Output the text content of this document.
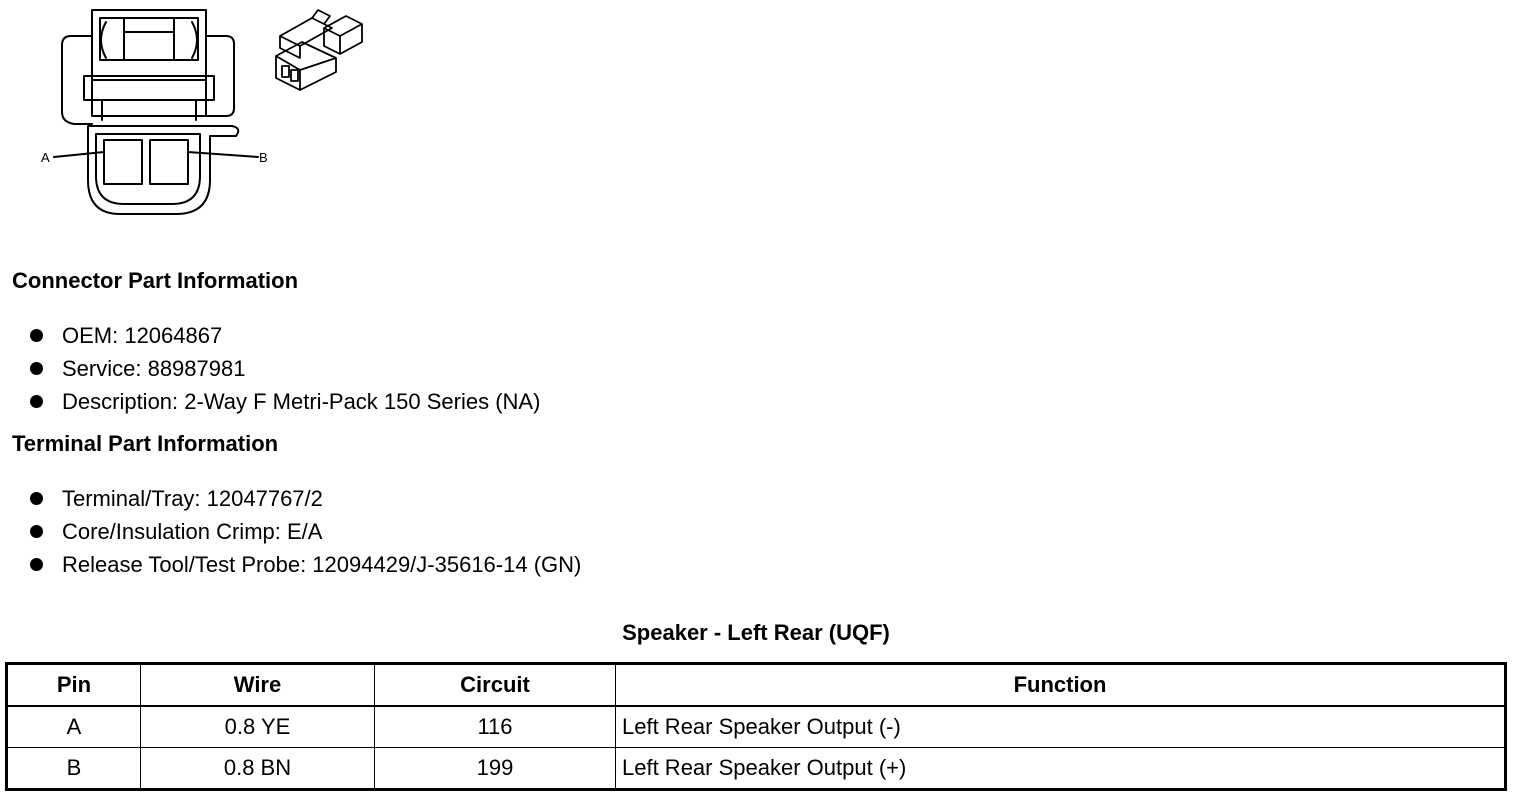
A	B
Connector Part Information
OEM: 12064867
Service: 88987981
Description: 2-Way F Metri-Pack 150 Series (NA)
Terminal Part Information
Terminal/Tray: 12047767/2
Core/Insulation Crimp: E/A
Release Tool/Test Probe: 12094429/J-35616-14 (GN)
Speaker - Left Rear (UQF)
Pin	Wire	Circuit	Function
A	0.8 YE	116	Left Rear Speaker Output (-)
B	0.8 BN	199	Left Rear Speaker Output (+)
